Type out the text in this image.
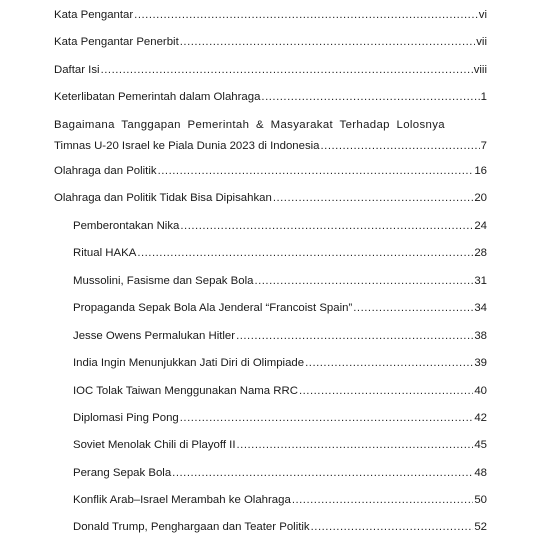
Kata Pengantar .....	vi
Kata Pengantar Penerbit .....	vii
Daftar Isi .....	viii
Keterlibatan Pemerintah dalam Olahraga .....	1
Bagaimana Tanggapan Pemerintah & Masyarakat Terhadap Lolosnya
Timnas U-20 Israel ke Piala Dunia 2023 di Indonesia .....	7
Olahraga dan Politik .....	16
Olahraga dan Politik Tidak Bisa Dipisahkan .....	20
Pemberontakan Nika .....	24
Ritual HAKA .....	28
Mussolini, Fasisme dan Sepak Bola .....	31
Propaganda Sepak Bola Ala Jenderal “Francoist Spain” .....	34
Jesse Owens Permalukan Hitler .....	38
India Ingin Menunjukkan Jati Diri di Olimpiade .....	39
IOC Tolak Taiwan Menggunakan Nama RRC .....	40
Diplomasi Ping Pong .....	42
Soviet Menolak Chili di Playoff II .....	45
Perang Sepak Bola .....	48
Konflik Arab–Israel Merambah ke Olahraga .....	50
Donald Trump, Penghargaan dan Teater Politik .....	52
